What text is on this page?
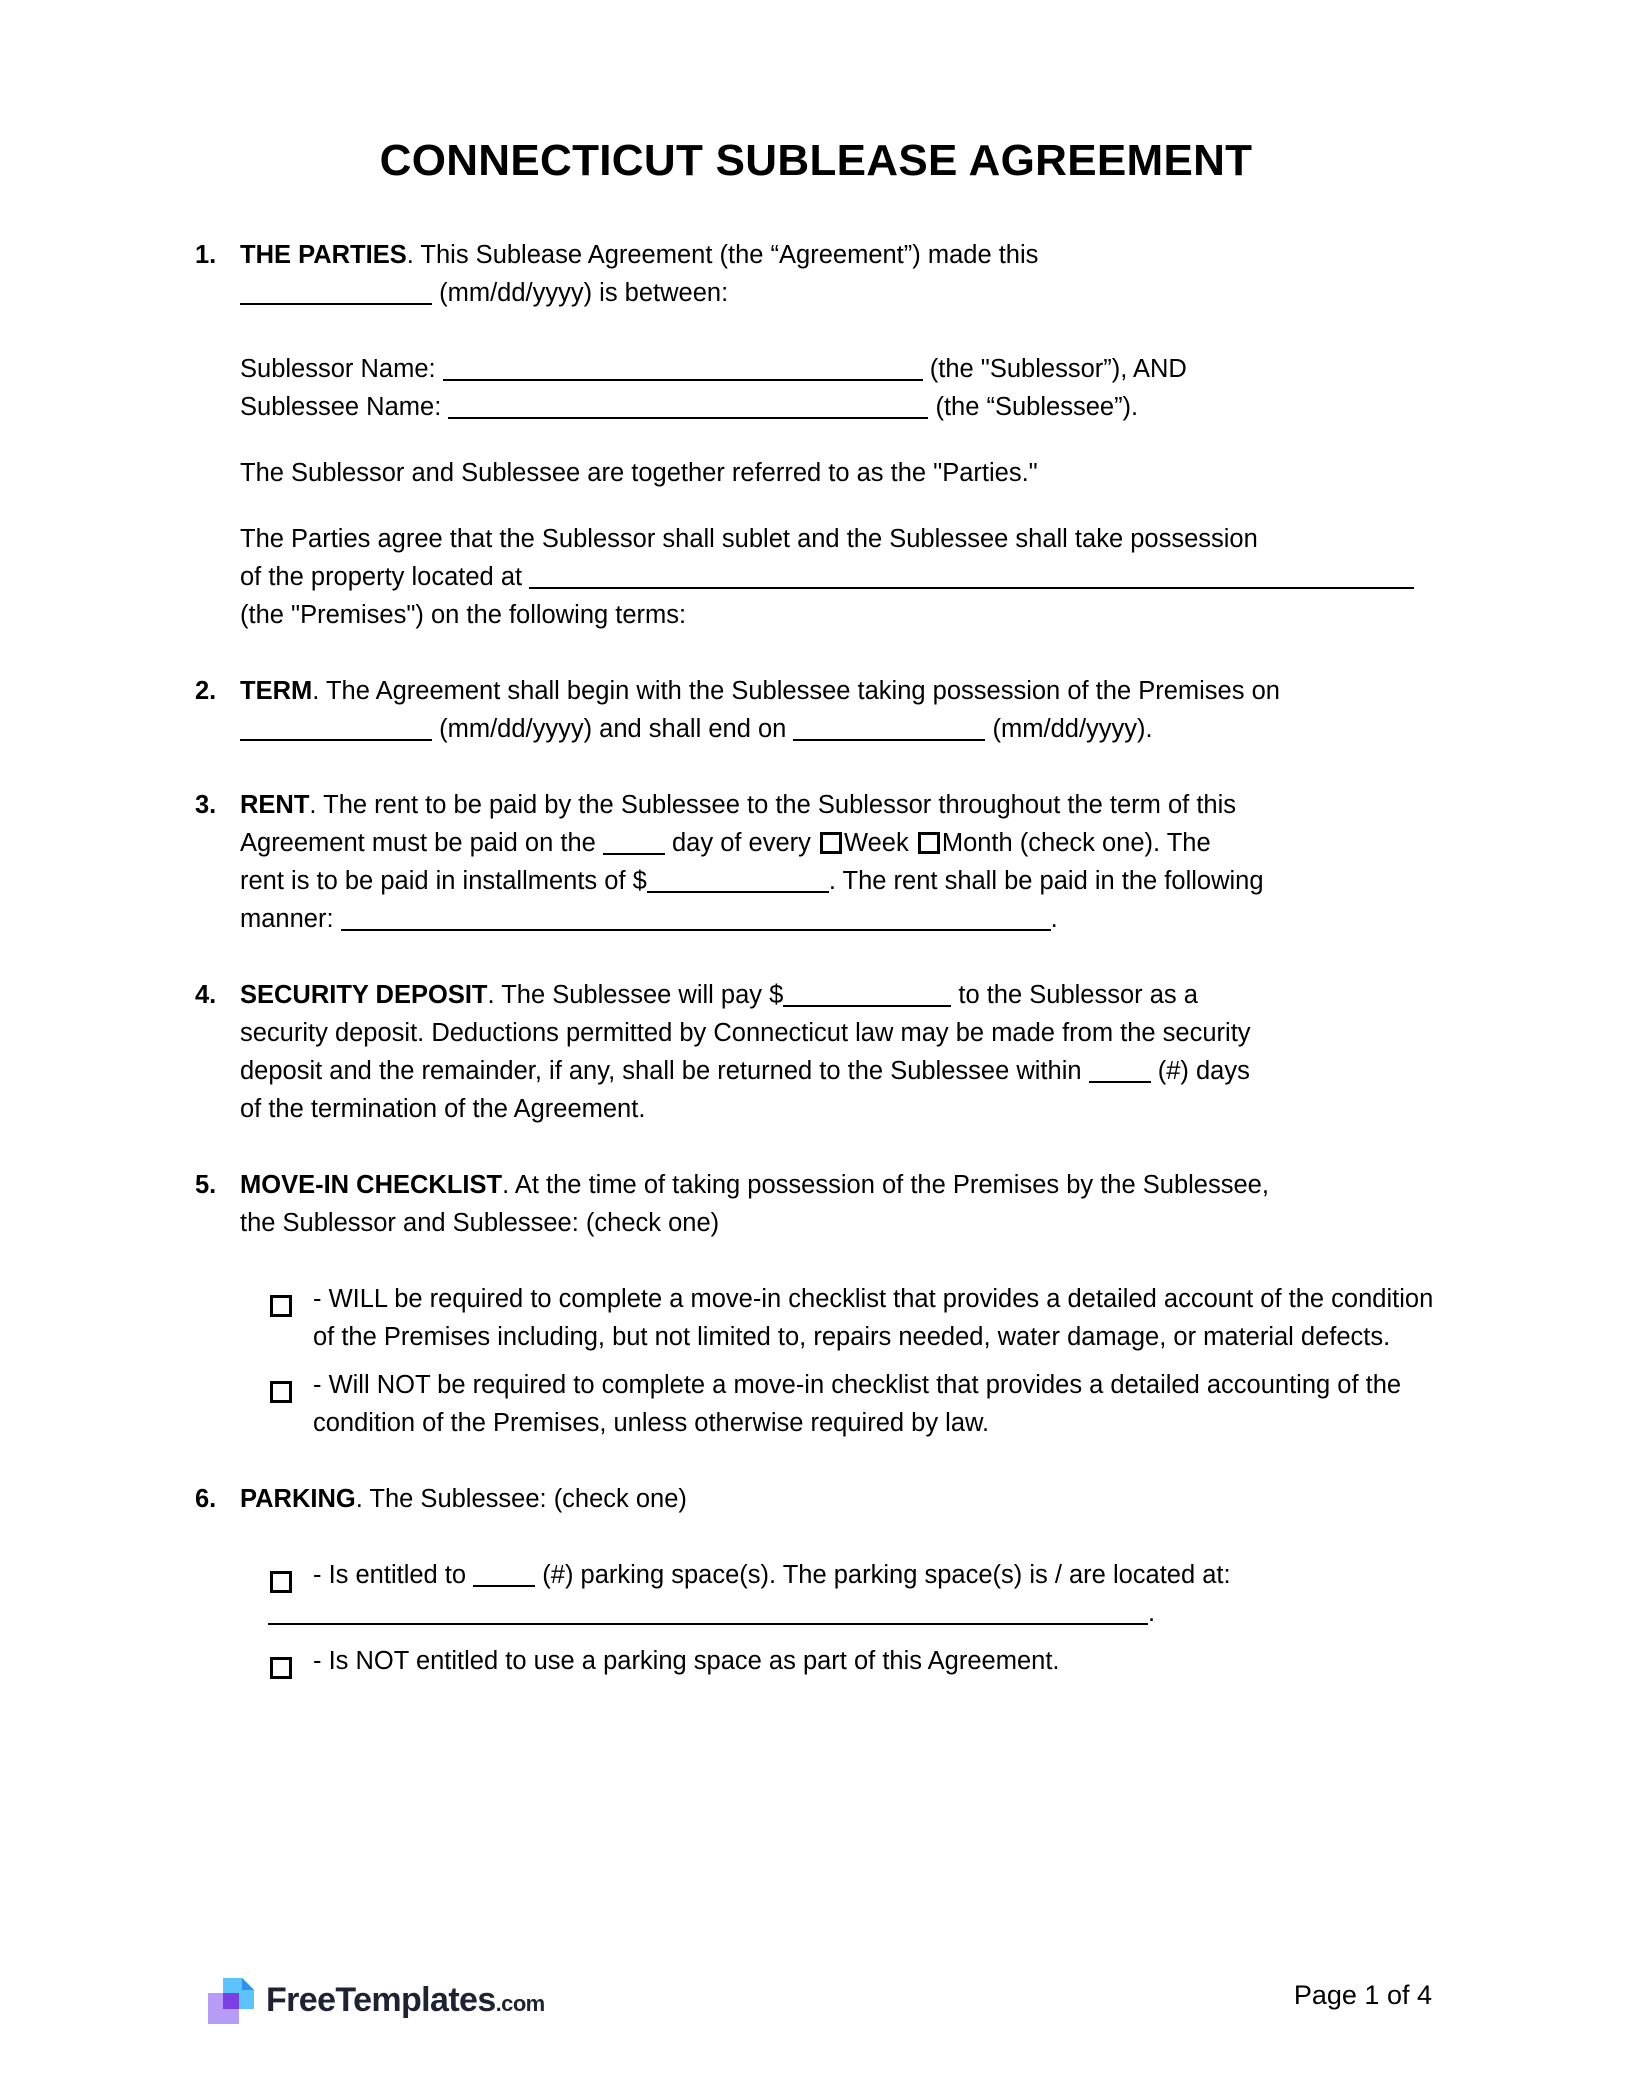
CONNECTICUT SUBLEASE AGREEMENT
1. THE PARTIES. This Sublease Agreement (the “Agreement”) made this
(mm/dd/yyyy) is between:
Sublessor Name:	(the "Sublessor”), AND
Sublessee Name:	(the “Sublessee”).
The Sublessor and Sublessee are together referred to as the "Parties."
The Parties agree that the Sublessor shall sublet and the Sublessee shall take possession
of the property located at
(the "Premises") on the following terms:
2. TERM. The Agreement shall begin with the Sublessee taking possession of the Premises on
(mm/dd/yyyy) and shall end on	(mm/dd/yyyy).
3. RENT. The rent to be paid by the Sublessee to the Sublessor throughout the term of this
Agreement must be paid on the	day of every Week Month (check one). The
rent is to be paid in installments of $	. The rent shall be paid in the following
manner:	.
4. SECURITY DEPOSIT. The Sublessee will pay $	to the Sublessor as a
security deposit. Deductions permitted by Connecticut law may be made from the security
deposit and the remainder, if any, shall be returned to the Sublessee within	(#) days
of the termination of the Agreement.
5. MOVE-IN CHECKLIST. At the time of taking possession of the Premises by the Sublessee,
the Sublessor and Sublessee: (check one)
- WILL be required to complete a move-in checklist that provides a detailed account of the condition of the Premises including, but not limited to, repairs needed, water damage, or material defects.
- Will NOT be required to complete a move-in checklist that provides a detailed accounting of the condition of the Premises, unless otherwise required by law.
6. PARKING. The Sublessee: (check one)
- Is entitled to	(#) parking space(s). The parking space(s) is / are located at:
.
- Is NOT entitled to use a parking space as part of this Agreement.
FreeTemplates.com	Page 1 of 4
